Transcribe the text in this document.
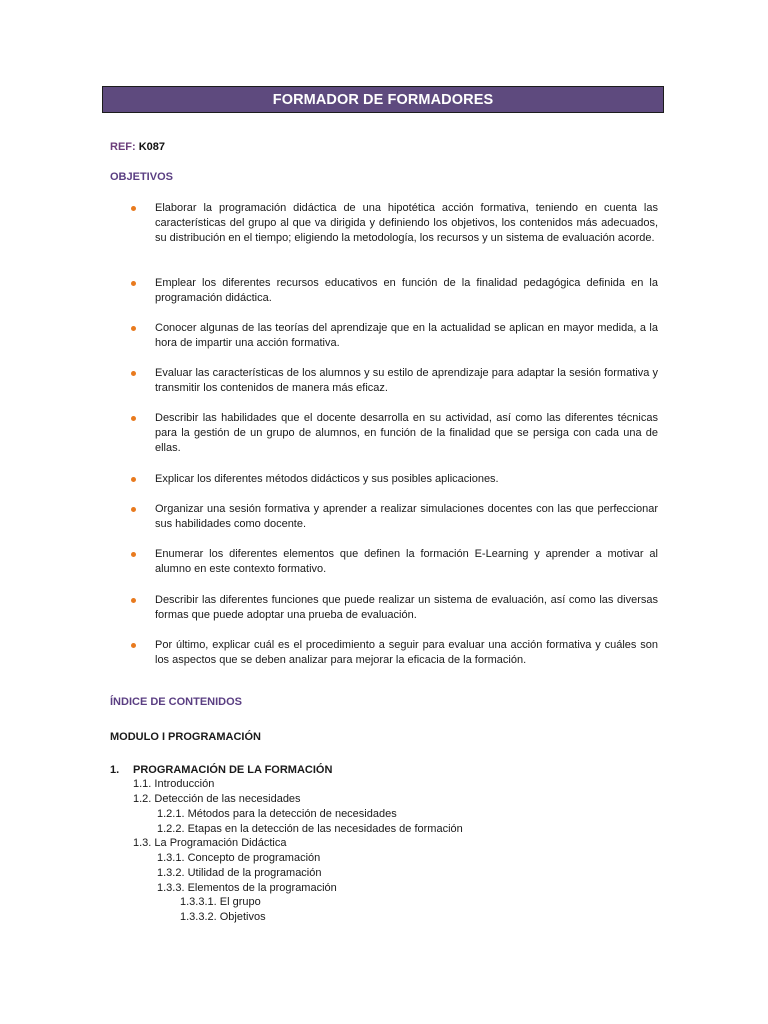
FORMADOR DE FORMADORES
REF: K087
OBJETIVOS
Elaborar la programación didáctica de una hipotética acción formativa, teniendo en cuenta las características del grupo al que va dirigida y definiendo los objetivos, los contenidos más adecuados, su distribución en el tiempo; eligiendo la metodología, los recursos y un sistema de evaluación acorde.
Emplear los diferentes recursos educativos en función de la finalidad pedagógica definida en la programación didáctica.
Conocer algunas de las teorías del aprendizaje que en la actualidad se aplican en mayor medida, a la hora de impartir una acción formativa.
Evaluar las características de los alumnos y su estilo de aprendizaje para adaptar la sesión formativa y transmitir los contenidos de manera más eficaz.
Describir las habilidades que el docente desarrolla en su actividad, así como las diferentes técnicas para la gestión de un grupo de alumnos, en función de la finalidad que se persiga con cada una de ellas.
Explicar los diferentes métodos didácticos y sus posibles aplicaciones.
Organizar una sesión formativa y aprender a realizar simulaciones docentes con las que perfeccionar sus habilidades como docente.
Enumerar los diferentes elementos que definen la formación E-Learning y aprender a motivar al alumno en este contexto formativo.
Describir las diferentes funciones que puede realizar un sistema de evaluación, así como las diversas formas que puede adoptar una prueba de evaluación.
Por último, explicar cuál es el procedimiento a seguir para evaluar una acción formativa y cuáles son los aspectos que se deben analizar para mejorar la eficacia de la formación.
ÍNDICE DE CONTENIDOS
MODULO I PROGRAMACIÓN
1. PROGRAMACIÓN DE LA FORMACIÓN
1.1. Introducción
1.2. Detección de las necesidades
1.2.1. Métodos para la detección de necesidades
1.2.2. Etapas en la detección de las necesidades de formación
1.3. La Programación Didáctica
1.3.1. Concepto de programación
1.3.2. Utilidad de la programación
1.3.3. Elementos de la programación
1.3.3.1. El grupo
1.3.3.2. Objetivos
